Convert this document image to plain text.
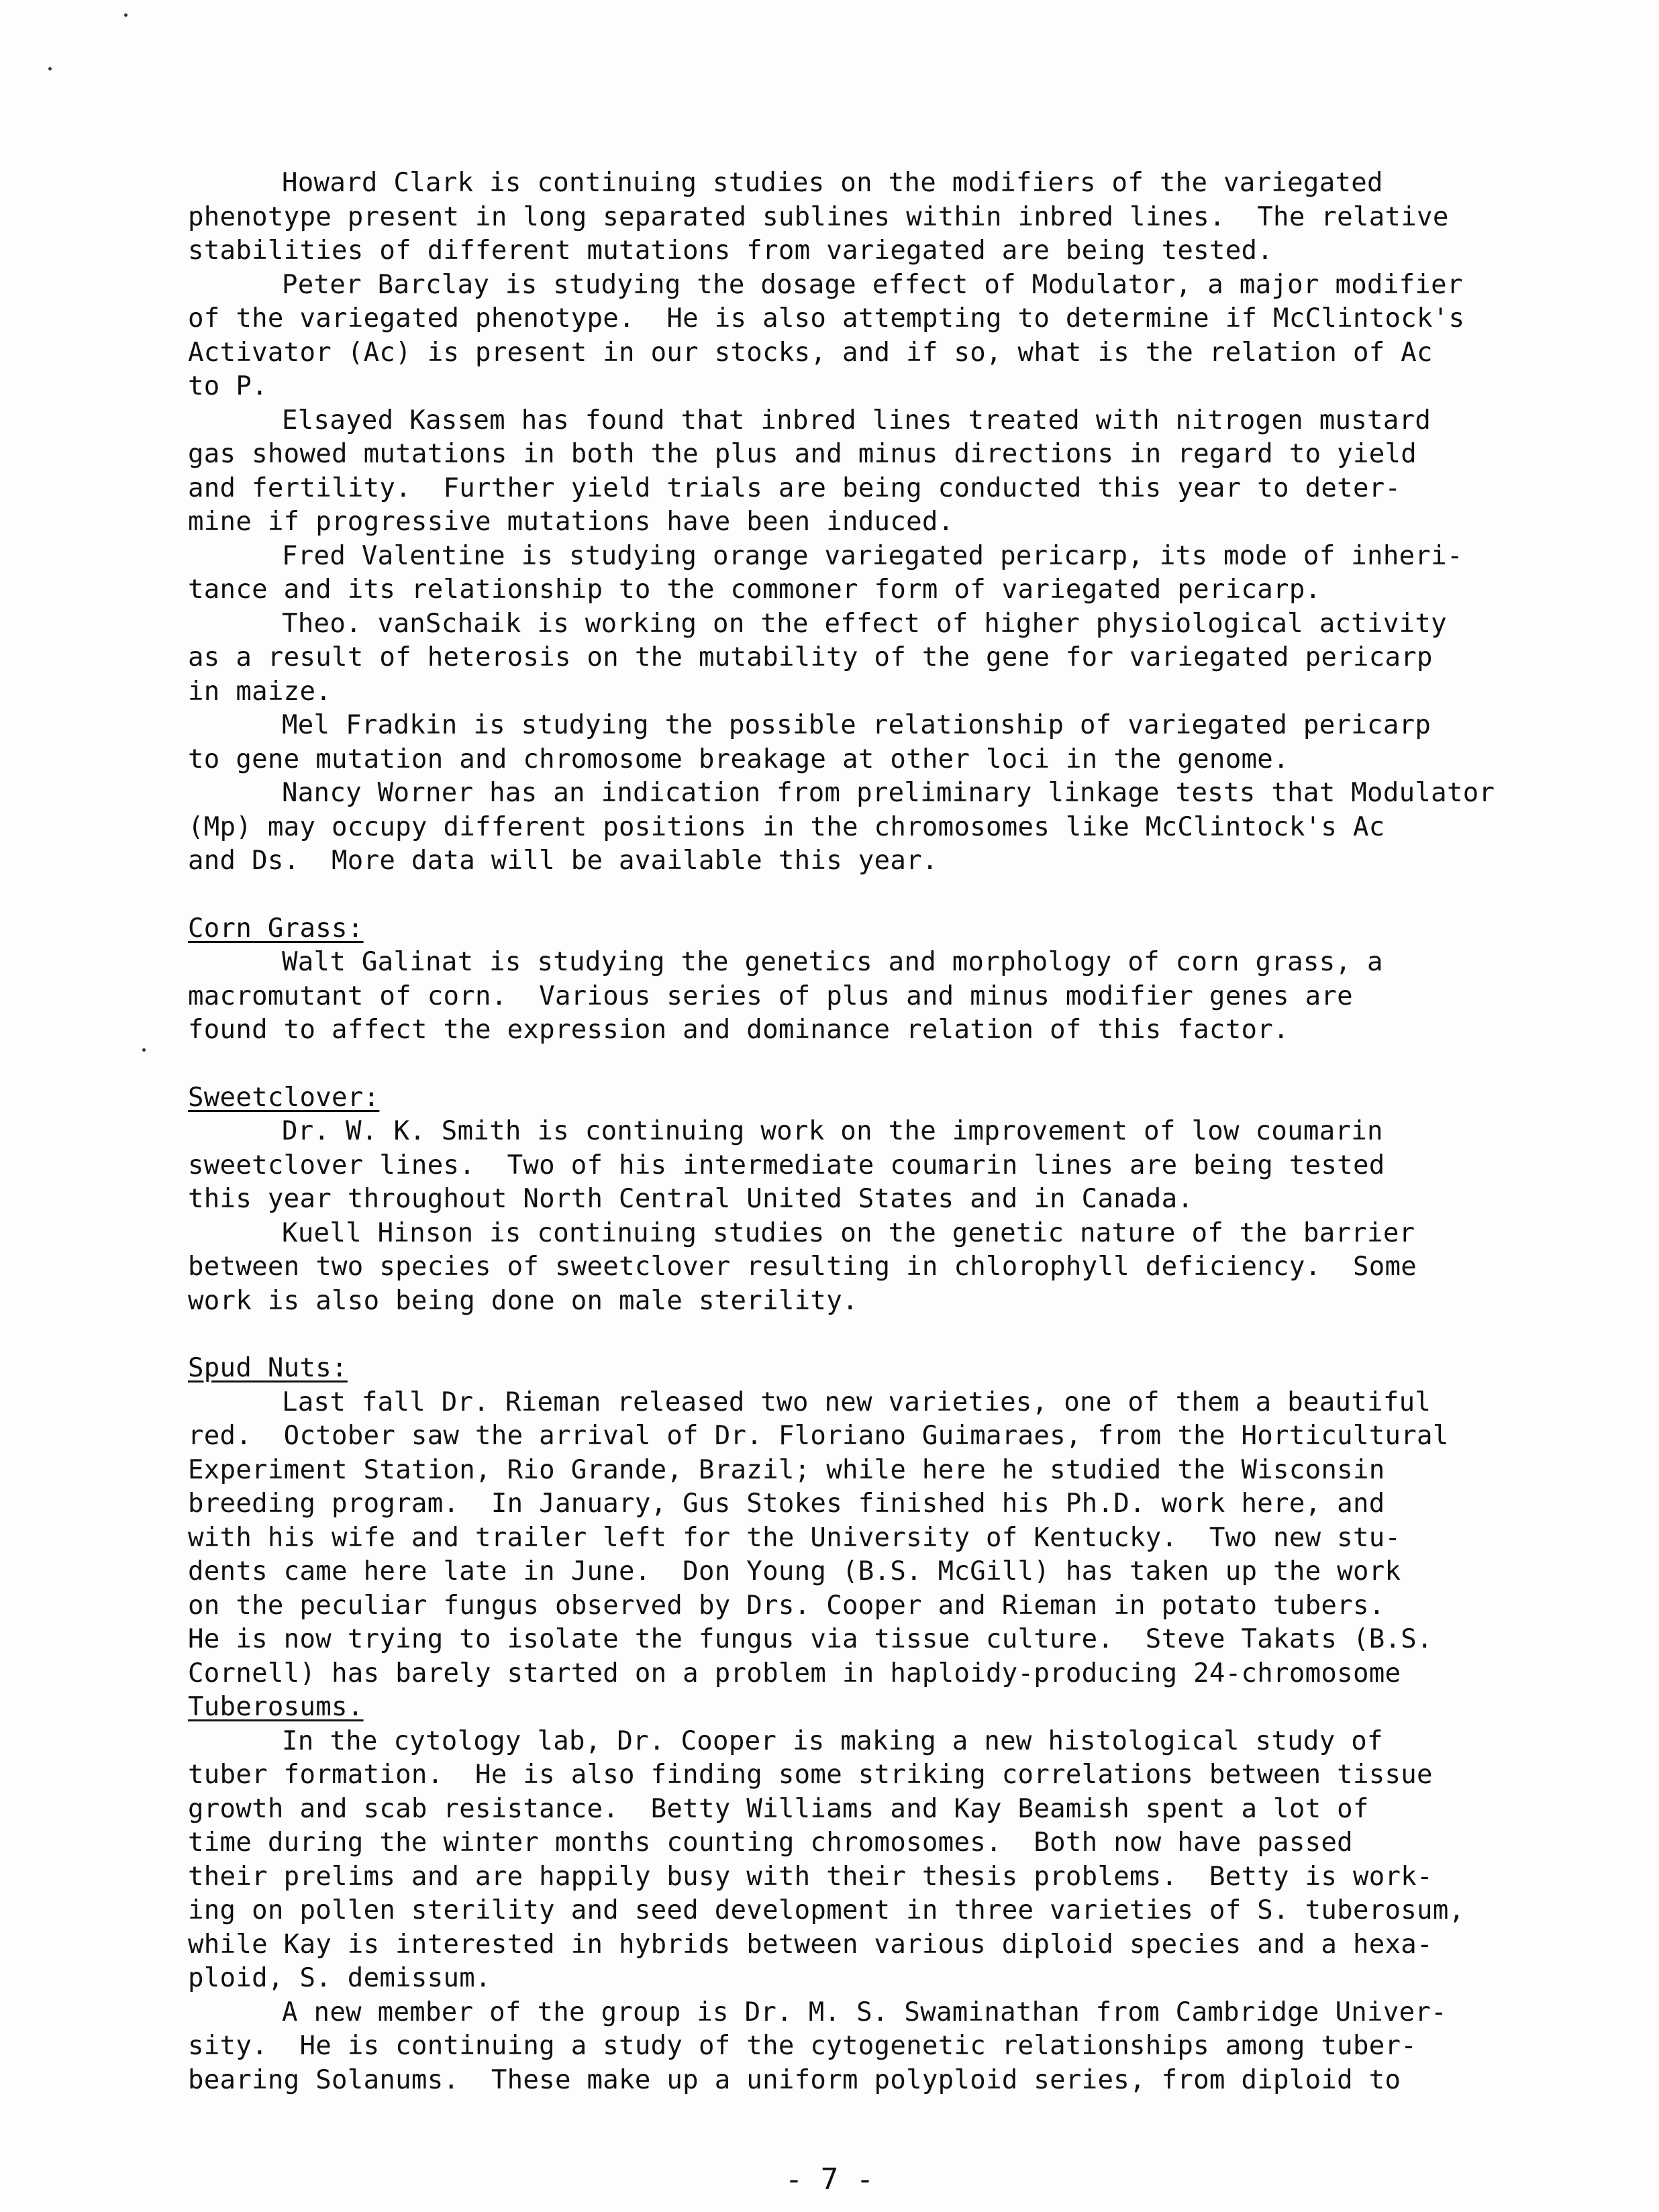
Howard Clark is continuing studies on the modifiers of the variegated
phenotype present in long separated sublines within inbred lines.  The relative
stabilities of different mutations from variegated are being tested.
Peter Barclay is studying the dosage effect of Modulator, a major modifier
of the variegated phenotype.  He is also attempting to determine if McClintock's
Activator (Ac) is present in our stocks, and if so, what is the relation of Ac
to P.
Elsayed Kassem has found that inbred lines treated with nitrogen mustard
gas showed mutations in both the plus and minus directions in regard to yield
and fertility.  Further yield trials are being conducted this year to deter-
mine if progressive mutations have been induced.
Fred Valentine is studying orange variegated pericarp, its mode of inheri-
tance and its relationship to the commoner form of variegated pericarp.
Theo. vanSchaik is working on the effect of higher physiological activity
as a result of heterosis on the mutability of the gene for variegated pericarp
in maize.
Mel Fradkin is studying the possible relationship of variegated pericarp
to gene mutation and chromosome breakage at other loci in the genome.
Nancy Worner has an indication from preliminary linkage tests that Modulator
(Mp) may occupy different positions in the chromosomes like McClintock's Ac
and Ds.  More data will be available this year.
Corn Grass:
Walt Galinat is studying the genetics and morphology of corn grass, a
macromutant of corn.  Various series of plus and minus modifier genes are
found to affect the expression and dominance relation of this factor.
Sweetclover:
Dr. W. K. Smith is continuing work on the improvement of low coumarin
sweetclover lines.  Two of his intermediate coumarin lines are being tested
this year throughout North Central United States and in Canada.
Kuell Hinson is continuing studies on the genetic nature of the barrier
between two species of sweetclover resulting in chlorophyll deficiency.  Some
work is also being done on male sterility.
Spud Nuts:
Last fall Dr. Rieman released two new varieties, one of them a beautiful
red.  October saw the arrival of Dr. Floriano Guimaraes, from the Horticultural
Experiment Station, Rio Grande, Brazil; while here he studied the Wisconsin
breeding program.  In January, Gus Stokes finished his Ph.D. work here, and
with his wife and trailer left for the University of Kentucky.  Two new stu-
dents came here late in June.  Don Young (B.S. McGill) has taken up the work
on the peculiar fungus observed by Drs. Cooper and Rieman in potato tubers.
He is now trying to isolate the fungus via tissue culture.  Steve Takats (B.S.
Cornell) has barely started on a problem in haploidy-producing 24-chromosome
Tuberosums.
In the cytology lab, Dr. Cooper is making a new histological study of
tuber formation.  He is also finding some striking correlations between tissue
growth and scab resistance.  Betty Williams and Kay Beamish spent a lot of
time during the winter months counting chromosomes.  Both now have passed
their prelims and are happily busy with their thesis problems.  Betty is work-
ing on pollen sterility and seed development in three varieties of S. tuberosum,
while Kay is interested in hybrids between various diploid species and a hexa-
ploid, S. demissum.
A new member of the group is Dr. M. S. Swaminathan from Cambridge Univer-
sity.  He is continuing a study of the cytogenetic relationships among tuber-
bearing Solanums.  These make up a uniform polyploid series, from diploid to
- 7 -
